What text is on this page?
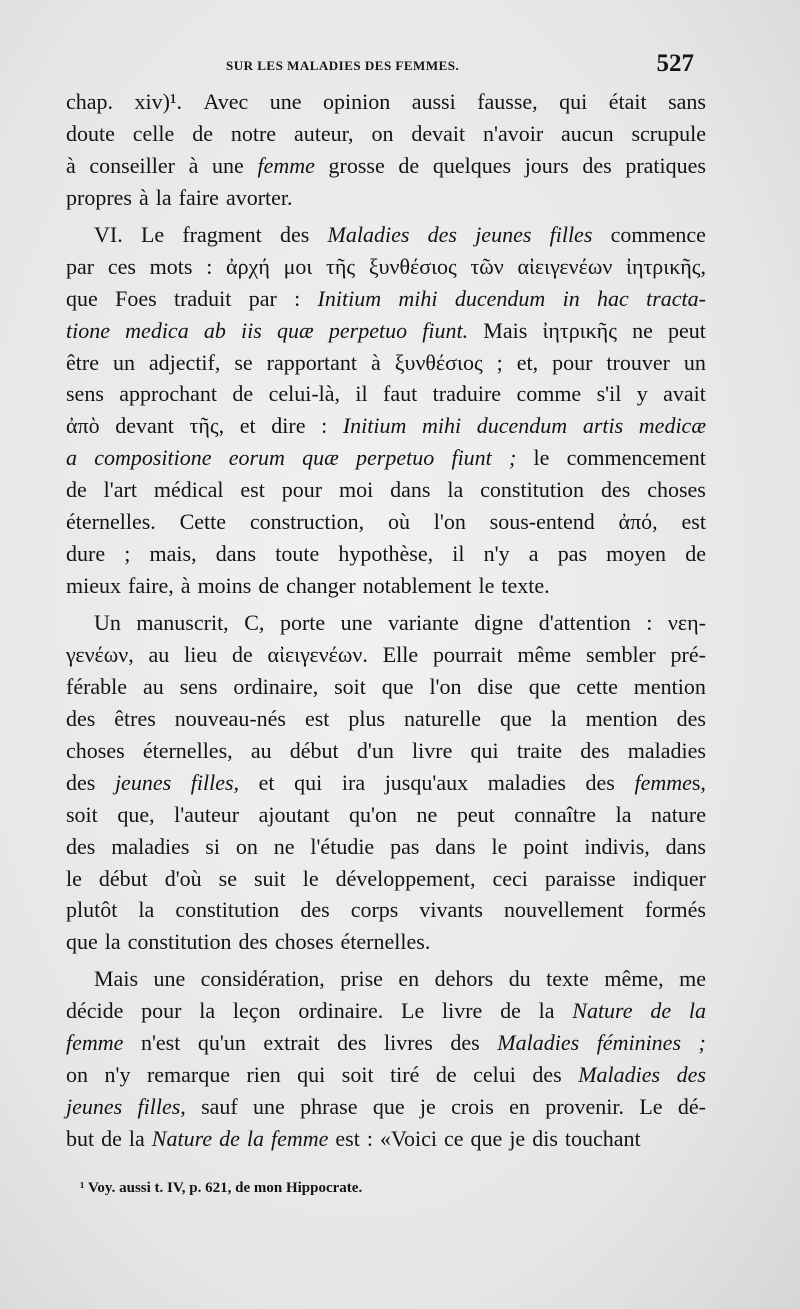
SUR LES MALADIES DES FEMMES.	527
chap. xiv)¹. Avec une opinion aussi fausse, qui était sans
doute celle de notre auteur, on devait n'avoir aucun scrupule
à conseiller à une femme grosse de quelques jours des pratiques
propres à la faire avorter.
VI. Le fragment des Maladies des jeunes filles commence
par ces mots : ἀρχή μοι τῆς ξυνθέσιος τῶν αἰειγενέων ἰητρικῆς,
que Foes traduit par : Initium mihi ducendum in hac tracta-
tione medica ab iis quæ perpetuo fiunt. Mais ἰητρικῆς ne peut
être un adjectif, se rapportant à ξυνθέσιος ; et, pour trouver un
sens approchant de celui-là, il faut traduire comme s'il y avait
ἀπὸ devant τῆς, et dire : Initium mihi ducendum artis medicæ
a compositione eorum quæ perpetuo fiunt ; le commencement
de l'art médical est pour moi dans la constitution des choses
éternelles. Cette construction, où l'on sous-entend ἀπό, est
dure ; mais, dans toute hypothèse, il n'y a pas moyen de
mieux faire, à moins de changer notablement le texte.
Un manuscrit, C, porte une variante digne d'attention : νεη-
γενέων, au lieu de αἰειγενέων. Elle pourrait même sembler pré-
férable au sens ordinaire, soit que l'on dise que cette mention
des êtres nouveau-nés est plus naturelle que la mention des
choses éternelles, au début d'un livre qui traite des maladies
des jeunes filles, et qui ira jusqu'aux maladies des femmes,
soit que, l'auteur ajoutant qu'on ne peut connaître la nature
des maladies si on ne l'étudie pas dans le point indivis, dans
le début d'où se suit le développement, ceci paraisse indiquer
plutôt la constitution des corps vivants nouvellement formés
que la constitution des choses éternelles.
Mais une considération, prise en dehors du texte même, me
décide pour la leçon ordinaire. Le livre de la Nature de la
femme n'est qu'un extrait des livres des Maladies féminines ;
on n'y remarque rien qui soit tiré de celui des Maladies des
jeunes filles, sauf une phrase que je crois en provenir. Le dé-
but de la Nature de la femme est : «Voici ce que je dis touchant
¹ Voy. aussi t. IV, p. 621, de mon Hippocrate.
